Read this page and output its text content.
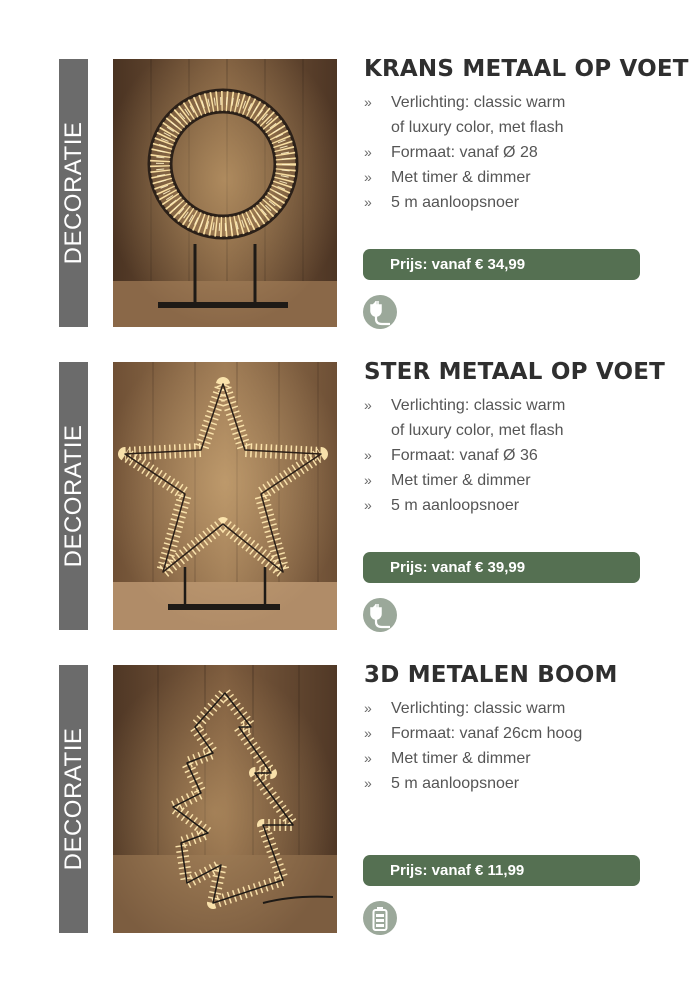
DECORATIE
KRANS METAAL OP VOET
» Verlichting: classic warm
of luxury color, met flash
» Formaat: vanaf Ø 28
» Met timer & dimmer
» 5 m aanloopsnoer
Prijs: vanaf € 34,99
DECORATIE
STER METAAL OP VOET
» Verlichting: classic warm
of luxury color, met flash
» Formaat: vanaf Ø 36
» Met timer & dimmer
» 5 m aanloopsnoer
Prijs: vanaf € 39,99
DECORATIE
3D METALEN BOOM
» Verlichting: classic warm
» Formaat: vanaf 26cm hoog
» Met timer & dimmer
» 5 m aanloopsnoer
Prijs: vanaf € 11,99
